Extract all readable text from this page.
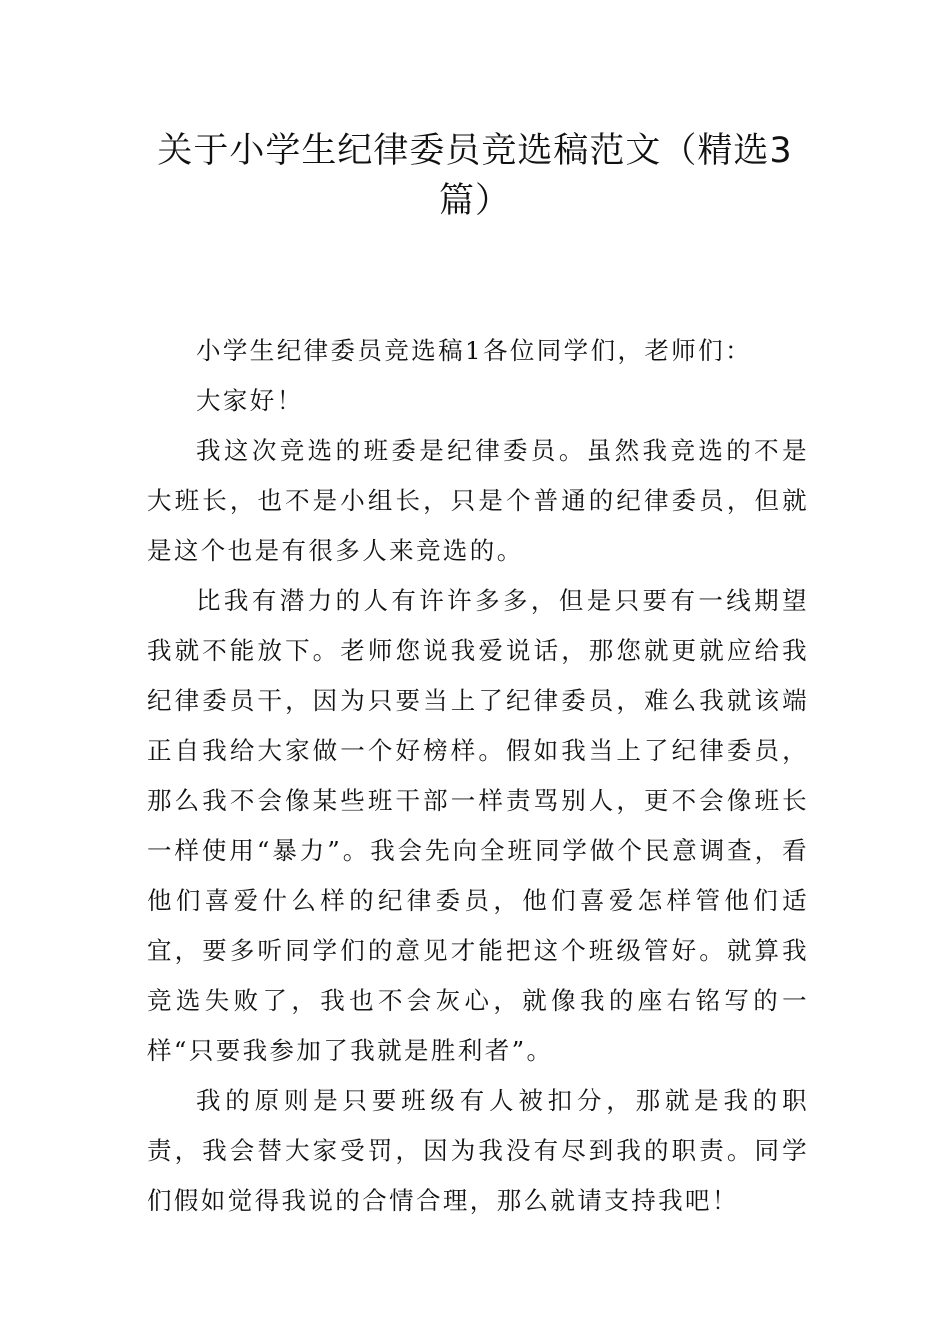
关于小学生纪律委员竞选稿范文（精选3篇）

小学生纪律委员竞选稿1各位同学们，老师们：

大家好！

我这次竞选的班委是纪律委员。虽然我竞选的不是大班长，也不是小组长，只是个普通的纪律委员，但就是这个也是有很多人来竞选的。

比我有潜力的人有许许多多，但是只要有一线期望我就不能放下。老师您说我爱说话，那您就更就应给我纪律委员干，因为只要当上了纪律委员，难么我就该端正自我给大家做一个好榜样。假如我当上了纪律委员，那么我不会像某些班干部一样责骂别人，更不会像班长一样使用“暴力”。我会先向全班同学做个民意调查，看他们喜爱什么样的纪律委员，他们喜爱怎样管他们适宜，要多听同学们的意见才能把这个班级管好。就算我竞选失败了，我也不会灰心，就像我的座右铭写的一样“只要我参加了我就是胜利者”。

我的原则是只要班级有人被扣分，那就是我的职责，我会替大家受罚，因为我没有尽到我的职责。同学们假如觉得我说的合情合理，那么就请支持我吧！
